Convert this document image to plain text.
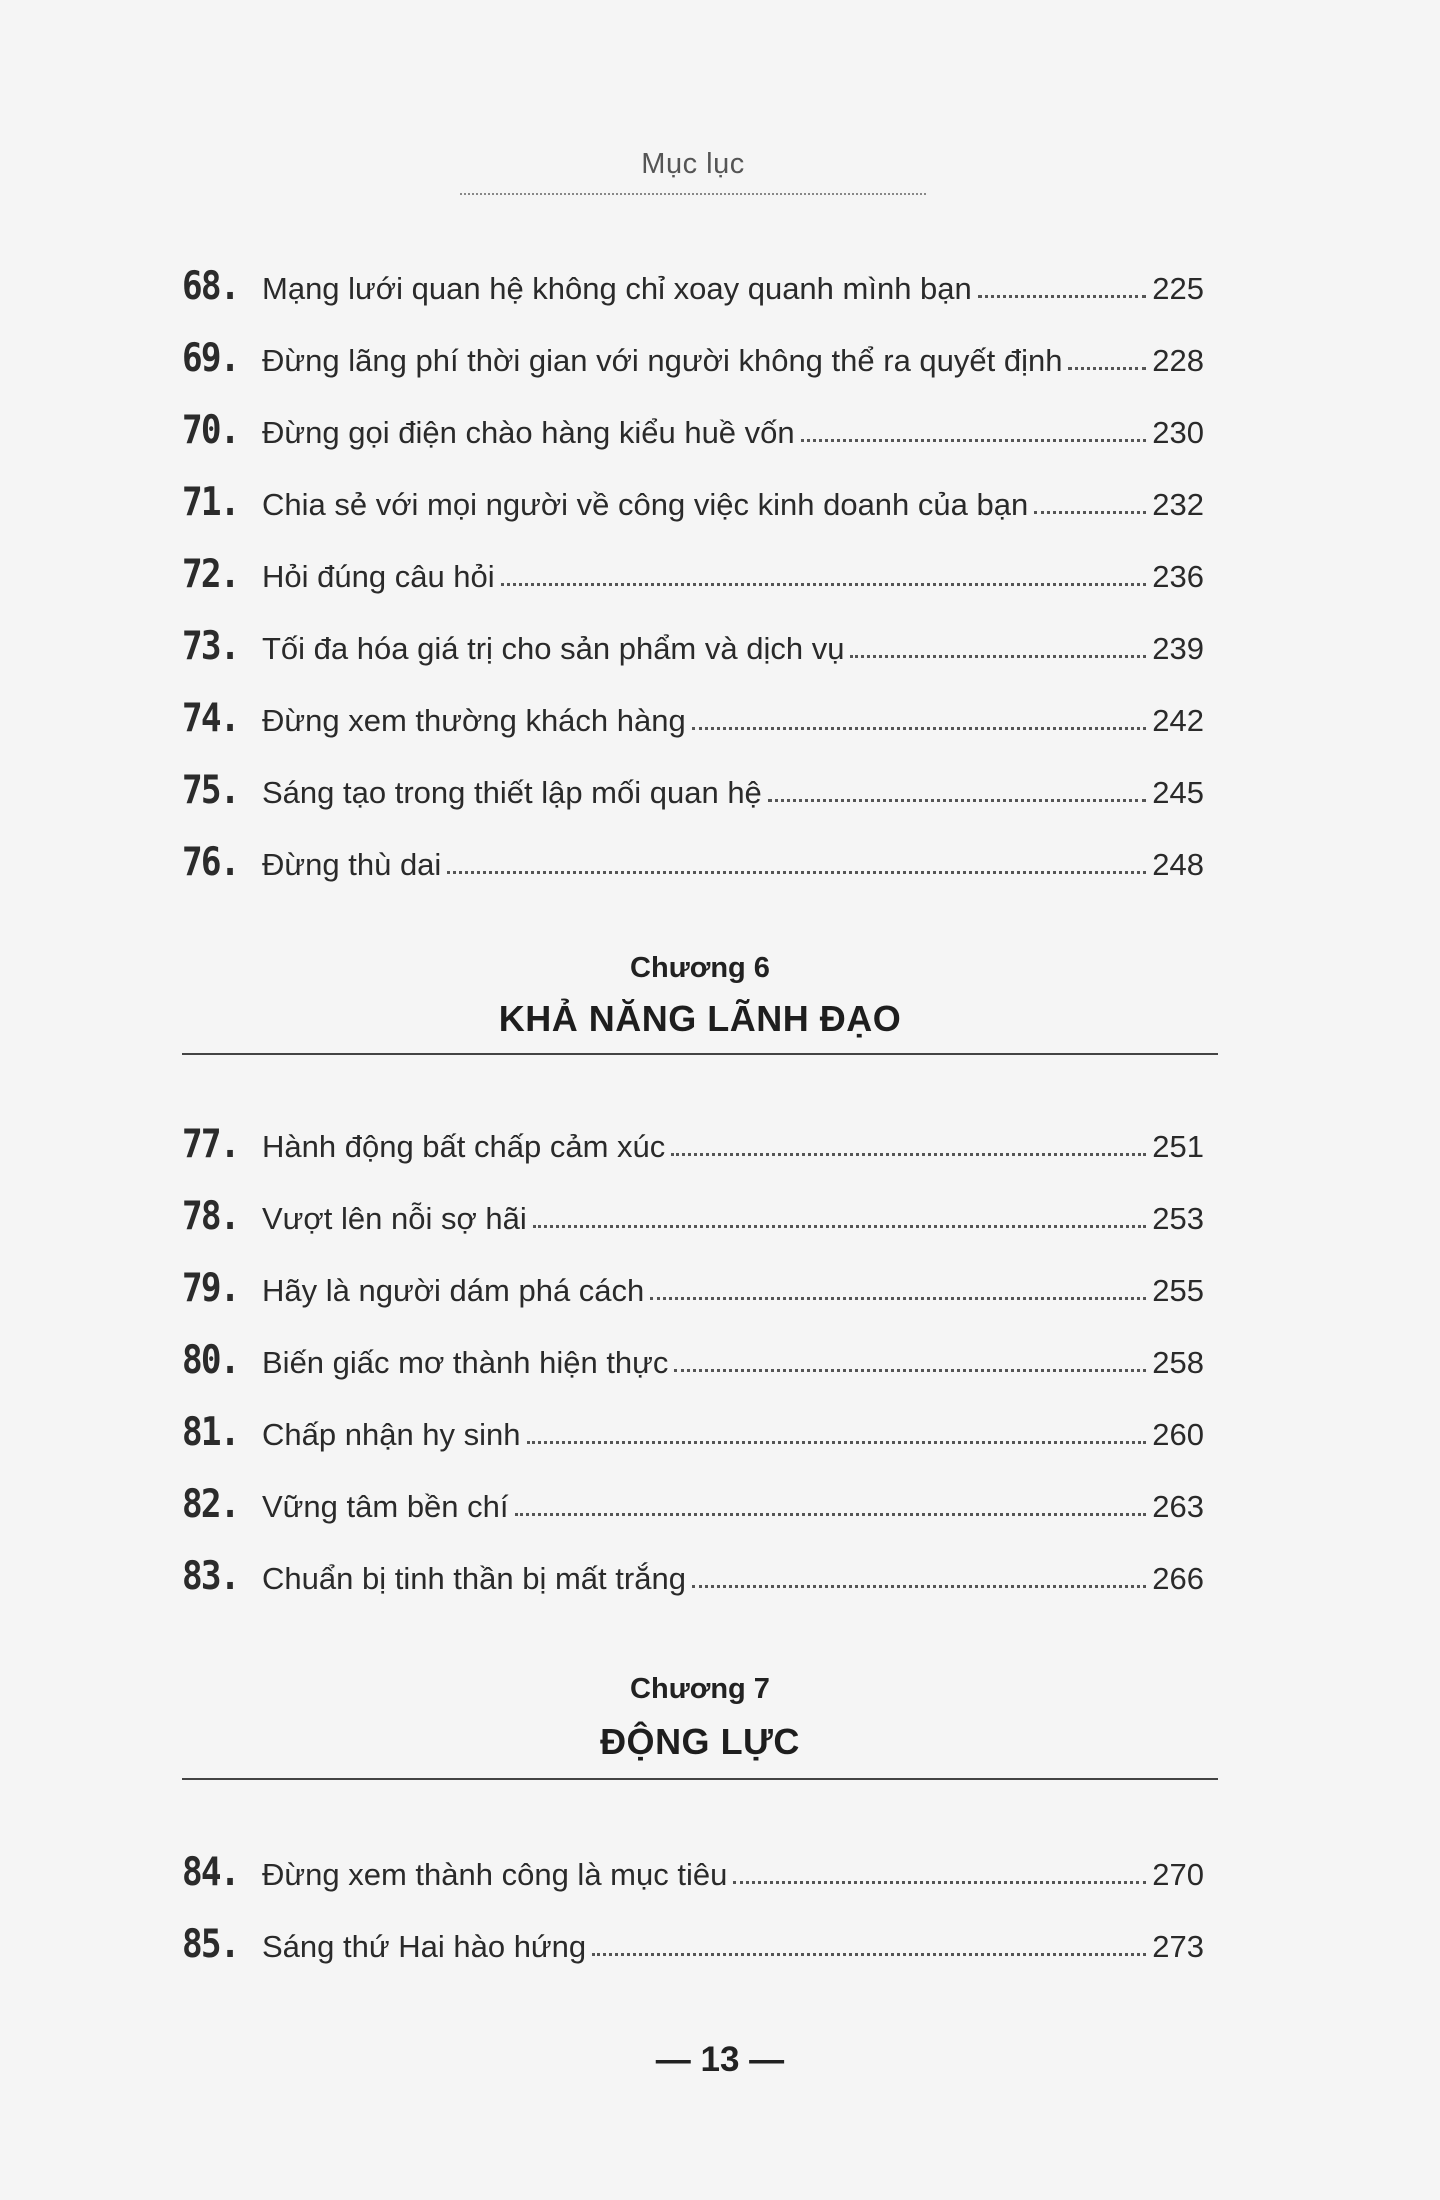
Mục lục
68. Mạng lưới quan hệ không chỉ xoay quanh mình bạn	225
69. Đừng lãng phí thời gian với người không thể ra quyết định	228
70. Đừng gọi điện chào hàng kiểu huề vốn	230
71. Chia sẻ với mọi người về công việc kinh doanh của bạn	232
72. Hỏi đúng câu hỏi	236
73. Tối đa hóa giá trị cho sản phẩm và dịch vụ	239
74. Đừng xem thường khách hàng	242
75. Sáng tạo trong thiết lập mối quan hệ	245
76. Đừng thù dai	248
Chương 6
KHẢ NĂNG LÃNH ĐẠO
77. Hành động bất chấp cảm xúc	251
78. Vượt lên nỗi sợ hãi	253
79. Hãy là người dám phá cách	255
80. Biến giấc mơ thành hiện thực	258
81. Chấp nhận hy sinh	260
82. Vững tâm bền chí	263
83. Chuẩn bị tinh thần bị mất trắng	266
Chương 7
ĐỘNG LỰC
84. Đừng xem thành công là mục tiêu	270
85. Sáng thứ Hai hào hứng	273
— 13 —
